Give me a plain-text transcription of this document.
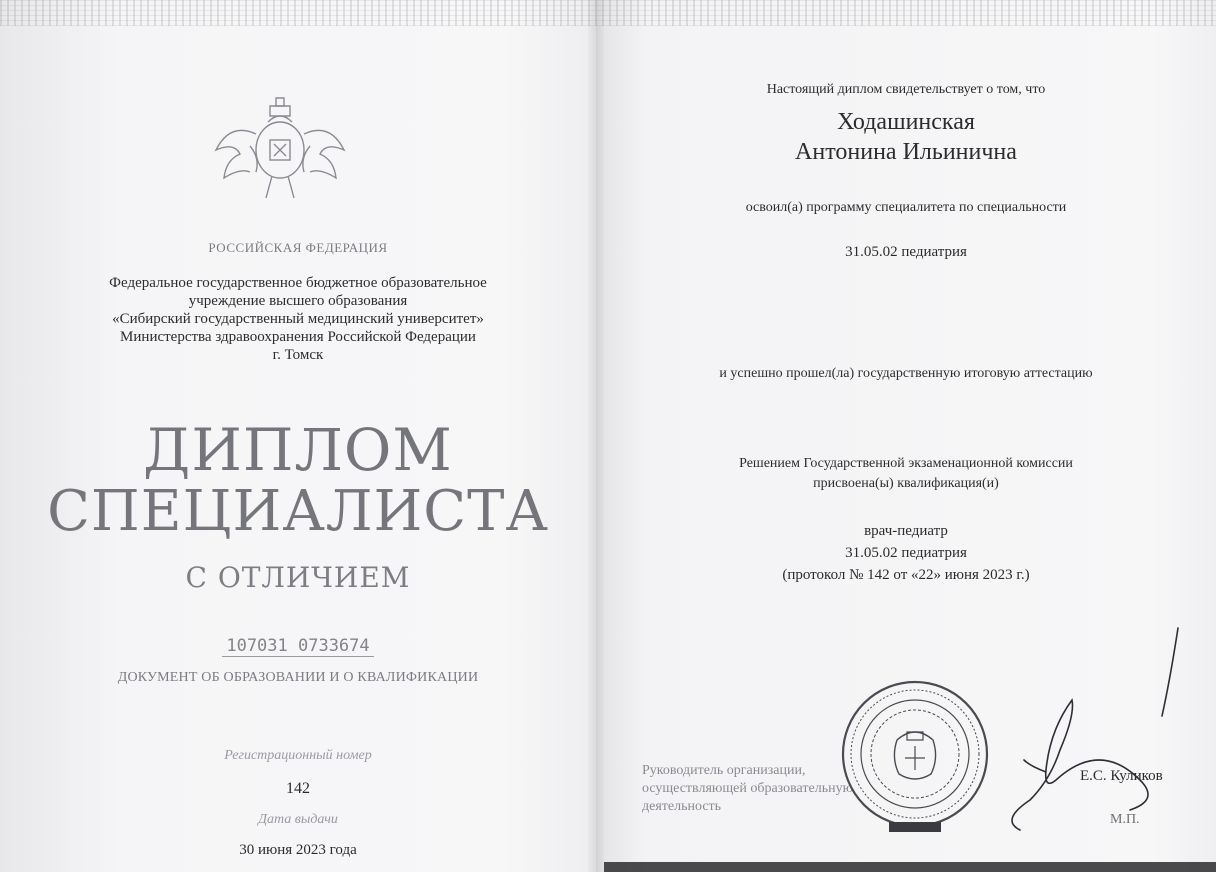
РОССИЙСКАЯ ФЕДЕРАЦИЯ
Федеральное государственное бюджетное образовательное
учреждение высшего образования
«Сибирский государственный медицинский университет»
Министерства здравоохранения Российской Федерации
г. Томск
ДИПЛОМ
СПЕЦИАЛИСТА
С ОТЛИЧИЕМ
107031 0733674
ДОКУМЕНТ ОБ ОБРАЗОВАНИИ И О КВАЛИФИКАЦИИ
Регистрационный номер
142
Дата выдачи
30 июня 2023 года
Настоящий диплом свидетельствует о том, что
Ходашинская
Антонина Ильинична
освоил(а) программу специалитета по специальности
31.05.02 педиатрия
и успешно прошел(ла) государственную итоговую аттестацию
Решением Государственной экзаменационной комиссии
присвоена(ы) квалификация(и)
врач-педиатр
31.05.02 педиатрия
(протокол № 142 от «22» июня 2023 г.)
Руководитель организации,
осуществляющей образовательную
деятельность
Е.С. Куликов
М.П.
